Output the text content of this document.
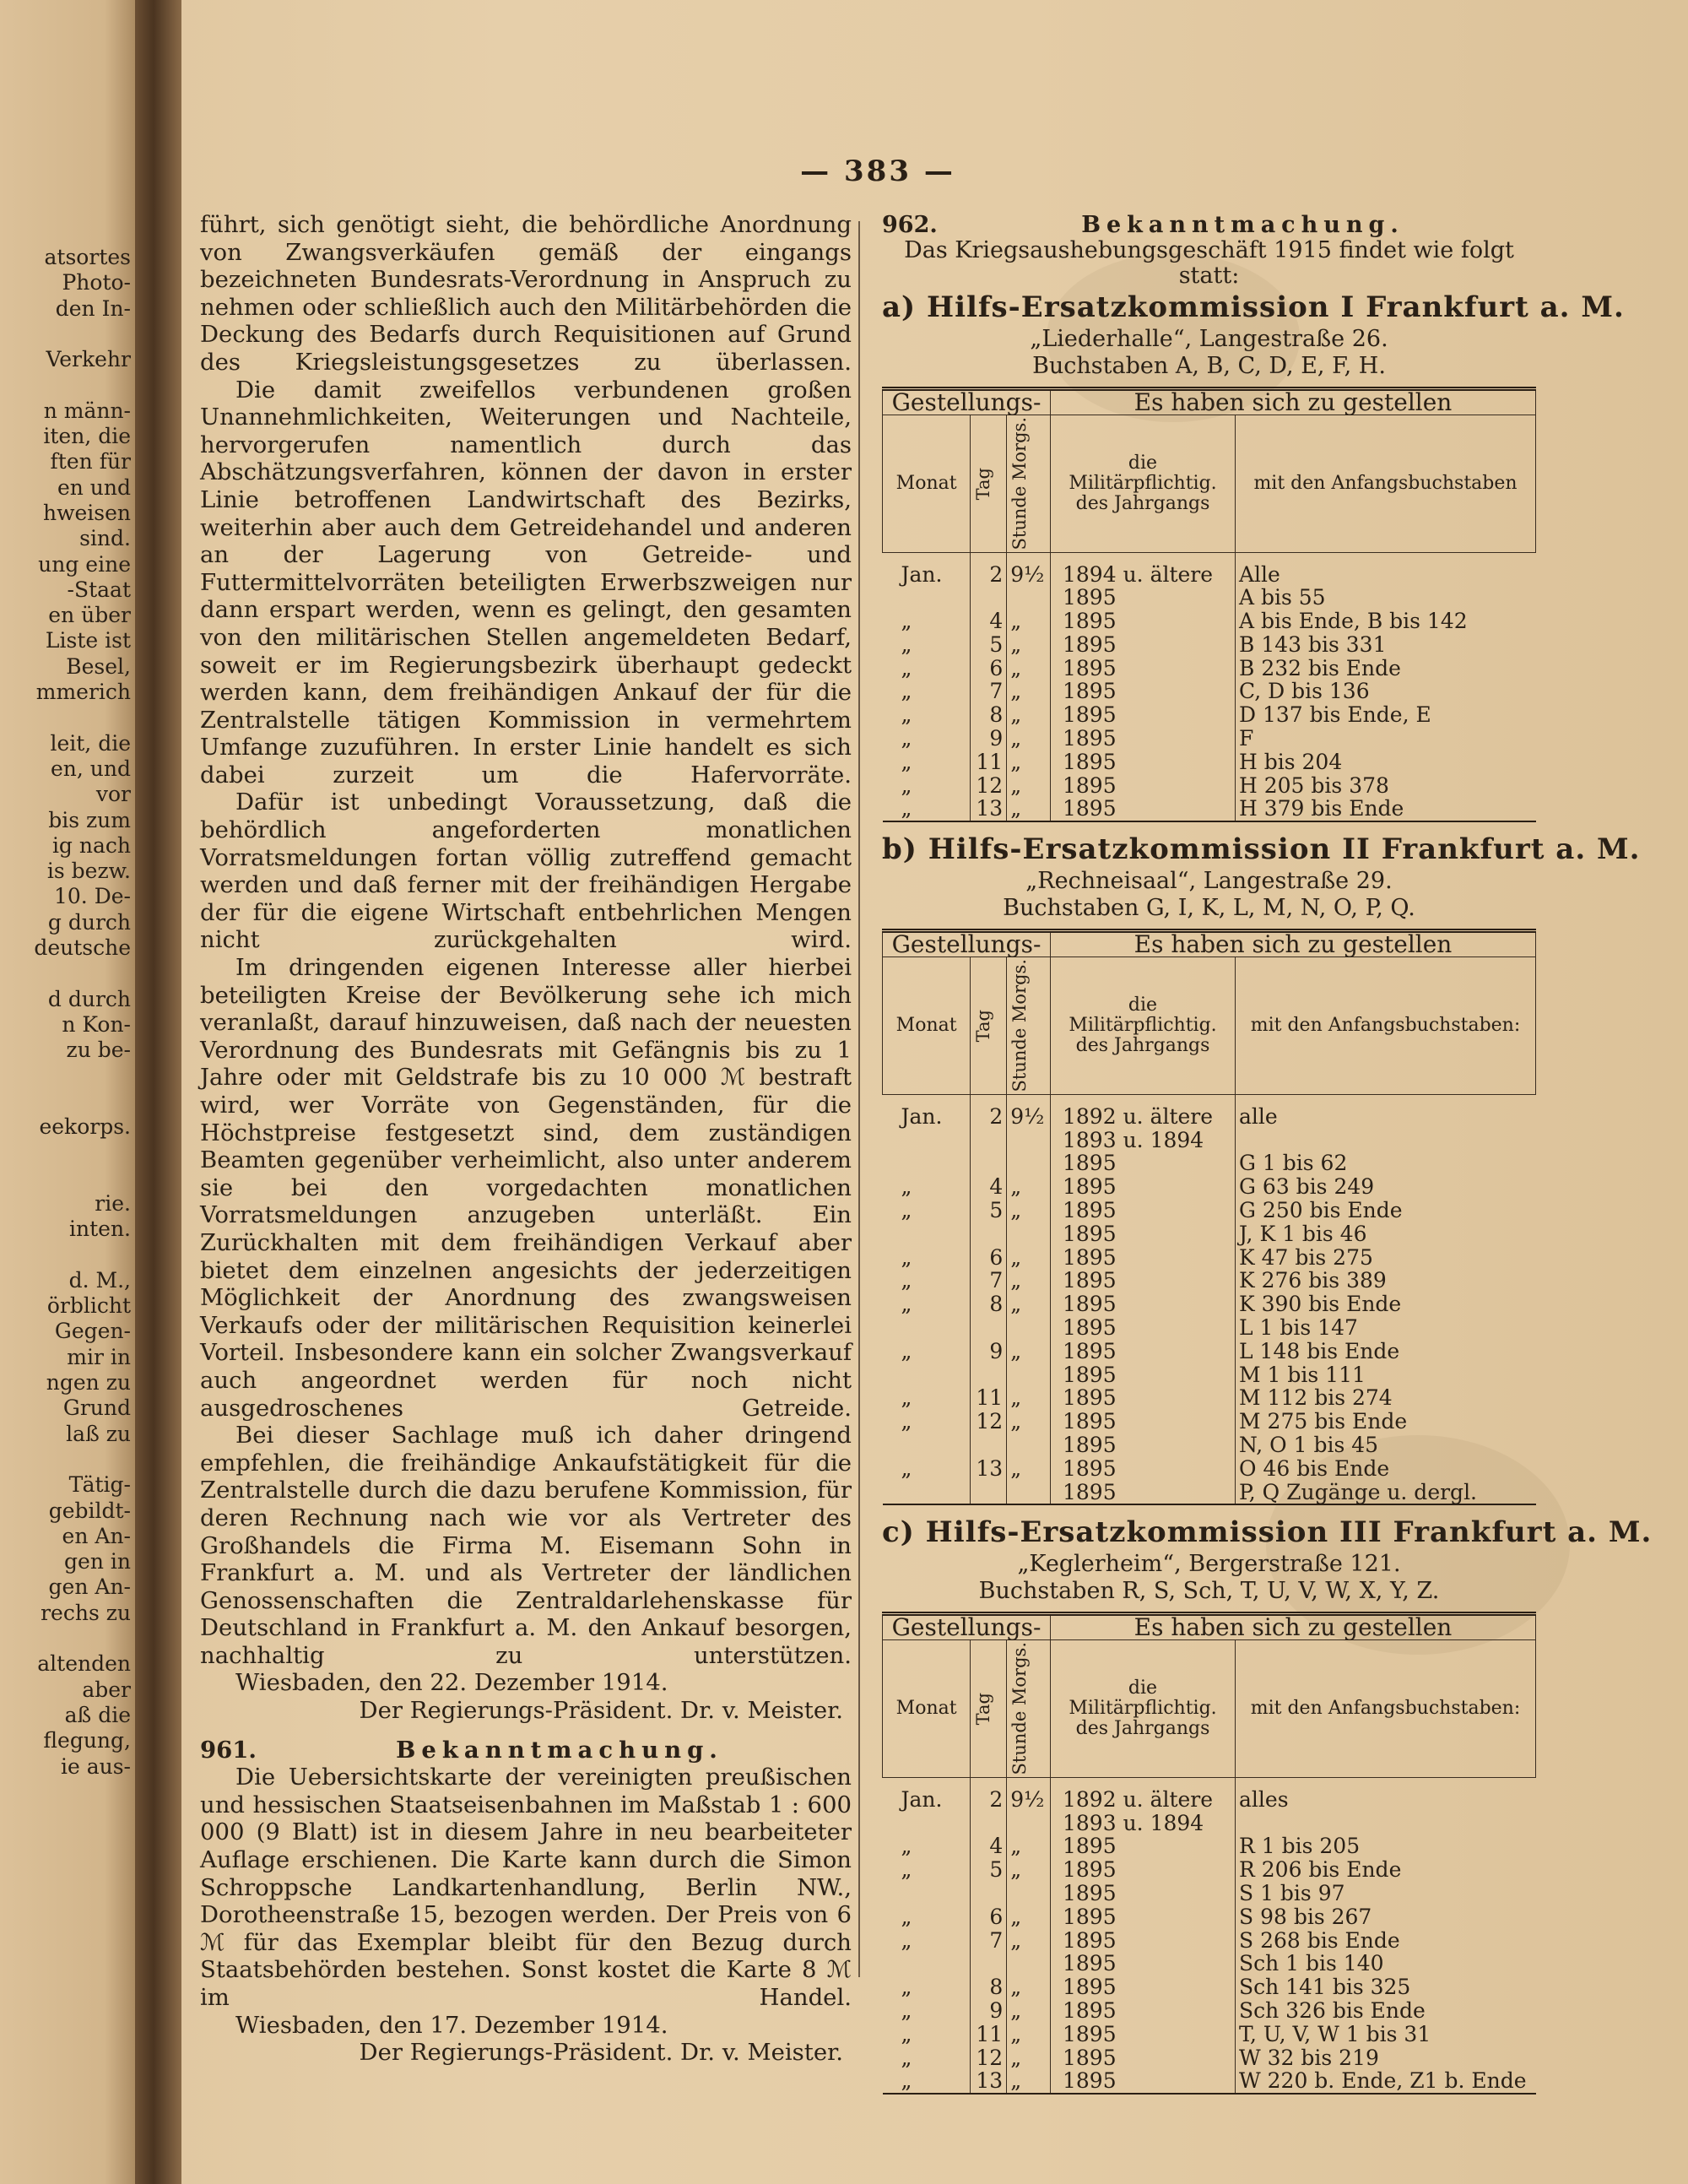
atsortes
Photo-
den In-
Verkehr
n männ-
iten, die
ften für
en und
hweisen
sind.
ung eine
-Staat
en über
Liste ist
Besel,
mmerich
leit, die
en, und
vor
bis zum
ig nach
is bezw.
10. De-
g durch
deutsche
d durch
n Kon-
zu be-
eekorps.
rie.
inten.
d. M.,
örblicht
Gegen-
mir in
ngen zu
Grund
laß zu
Tätig-
gebildt-
en An-
gen in
gen An-
rechs zu
altenden
aber
aß die
flegung,
ie aus-
— 383 —

führt, sich genötigt sieht, die behördliche Anordnung von Zwangsverkäufen gemäß der eingangs bezeichneten Bundesrats-Verordnung in Anspruch zu nehmen oder schließlich auch den Militärbehörden die Deckung des Bedarfs durch Requisitionen auf Grund des Kriegsleistungsgesetzes zu überlassen.

Die damit zweifellos verbundenen großen Unannehmlichkeiten, Weiterungen und Nachteile, hervorgerufen namentlich durch das Abschätzungsverfahren, können der davon in erster Linie betroffenen Landwirtschaft des Bezirks, weiterhin aber auch dem Getreidehandel und anderen an der Lagerung von Getreide- und Futtermittelvorräten beteiligten Erwerbszweigen nur dann erspart werden, wenn es gelingt, den gesamten von den militärischen Stellen angemeldeten Bedarf, soweit er im Regierungsbezirk überhaupt gedeckt werden kann, dem freihändigen Ankauf der für die Zentralstelle tätigen Kommission in vermehrtem Umfange zuzuführen. In erster Linie handelt es sich dabei zurzeit um die Hafervorräte.

Dafür ist unbedingt Voraussetzung, daß die behördlich angeforderten monatlichen Vorratsmeldungen fortan völlig zutreffend gemacht werden und daß ferner mit der freihändigen Hergabe der für die eigene Wirtschaft entbehrlichen Mengen nicht zurückgehalten wird.

Im dringenden eigenen Interesse aller hierbei beteiligten Kreise der Bevölkerung sehe ich mich veranlaßt, darauf hinzuweisen, daß nach der neuesten Verordnung des Bundesrats mit Gefängnis bis zu 1 Jahre oder mit Geldstrafe bis zu 10 000 ℳ bestraft wird, wer Vorräte von Gegenständen, für die Höchstpreise festgesetzt sind, dem zuständigen Beamten gegenüber verheimlicht, also unter anderem sie bei den vorgedachten monatlichen Vorratsmeldungen anzugeben unterläßt. Ein Zurückhalten mit dem freihändigen Verkauf aber bietet dem einzelnen angesichts der jederzeitigen Möglichkeit der Anordnung des zwangsweisen Verkaufs oder der militärischen Requisition keinerlei Vorteil. Insbesondere kann ein solcher Zwangsverkauf auch angeordnet werden für noch nicht ausgedroschenes Getreide.

Bei dieser Sachlage muß ich daher dringend empfehlen, die freihändige Ankaufstätigkeit für die Zentralstelle durch die dazu berufene Kommission, für deren Rechnung nach wie vor als Vertreter des Großhandels die Firma M. Eisemann Sohn in Frankfurt a. M. und als Vertreter der ländlichen Genossenschaften die Zentraldarlehenskasse für Deutschland in Frankfurt a. M. den Ankauf besorgen, nachhaltig zu unterstützen.

Wiesbaden, den 22. Dezember 1914.

Der Regierungs-Präsident. Dr. v. Meister.
961.	Bekanntmachung.

Die Uebersichtskarte der vereinigten preußischen und hessischen Staatseisenbahnen im Maßstab 1 : 600 000 (9 Blatt) ist in diesem Jahre in neu bearbeiteter Auflage erschienen. Die Karte kann durch die Simon Schroppsche Landkartenhandlung, Berlin NW., Dorotheenstraße 15, bezogen werden. Der Preis von 6 ℳ für das Exemplar bleibt für den Bezug durch Staatsbehörden bestehen. Sonst kostet die Karte 8 ℳ im Handel.

Wiesbaden, den 17. Dezember 1914.

Der Regierungs-Präsident. Dr. v. Meister.
962.	Bekanntmachung.
Das Kriegsaushebungsgeschäft 1915 findet wie folgt statt:
a) Hilfs-Ersatzkommission I Frankfurt a. M.
„Liederhalle“, Langestraße 26.
Buchstaben A, B, C, D, E, F, H.
Gestellungs-			Es haben sich zu gestellen	
Monat	Tag	Stunde Morgs.	die Militärpflichtig. des Jahrgangs	mit den Anfangsbuchstaben
Jan.	2	9½	1894 u. ältere	Alle
			1895	A bis 55
„	4	„	1895	A bis Ende, B bis 142
„	5	„	1895	B 143 bis 331
„	6	„	1895	B 232 bis Ende
„	7	„	1895	C, D bis 136
„	8	„	1895	D 137 bis Ende, E
„	9	„	1895	F
„	11	„	1895	H bis 204
„	12	„	1895	H 205 bis 378
„	13	„	1895	H 379 bis Ende
b) Hilfs-Ersatzkommission II Frankfurt a. M.
„Rechneisaal“, Langestraße 29.
Buchstaben G, I, K, L, M, N, O, P, Q.
Gestellungs-			Es haben sich zu gestellen	
Monat	Tag	Stunde Morgs.	die Militärpflichtig. des Jahrgangs	mit den Anfangsbuchstaben:
Jan.	2	9½	1892 u. ältere	alle
			1893 u. 1894	
			1895	G 1 bis 62
„	4	„	1895	G 63 bis 249
„	5	„	1895	G 250 bis Ende
			1895	J, K 1 bis 46
„	6	„	1895	K 47 bis 275
„	7	„	1895	K 276 bis 389
„	8	„	1895	K 390 bis Ende
			1895	L 1 bis 147
„	9	„	1895	L 148 bis Ende
			1895	M 1 bis 111
„	11	„	1895	M 112 bis 274
„	12	„	1895	M 275 bis Ende
			1895	N, O 1 bis 45
„	13	„	1895	O 46 bis Ende
			1895	P, Q Zugänge u. dergl.
c) Hilfs-Ersatzkommission III Frankfurt a. M.
„Keglerheim“, Bergerstraße 121.
Buchstaben R, S, Sch, T, U, V, W, X, Y, Z.
Gestellungs-			Es haben sich zu gestellen	
Monat	Tag	Stunde Morgs.	die Militärpflichtig. des Jahrgangs	mit den Anfangsbuchstaben:
Jan.	2	9½	1892 u. ältere	alles
			1893 u. 1894	
„	4	„	1895	R 1 bis 205
„	5	„	1895	R 206 bis Ende
			1895	S 1 bis 97
„	6	„	1895	S 98 bis 267
„	7	„	1895	S 268 bis Ende
			1895	Sch 1 bis 140
„	8	„	1895	Sch 141 bis 325
„	9	„	1895	Sch 326 bis Ende
„	11	„	1895	T, U, V, W 1 bis 31
„	12	„	1895	W 32 bis 219
„	13	„	1895	W 220 b. Ende, Z1 b. Ende
